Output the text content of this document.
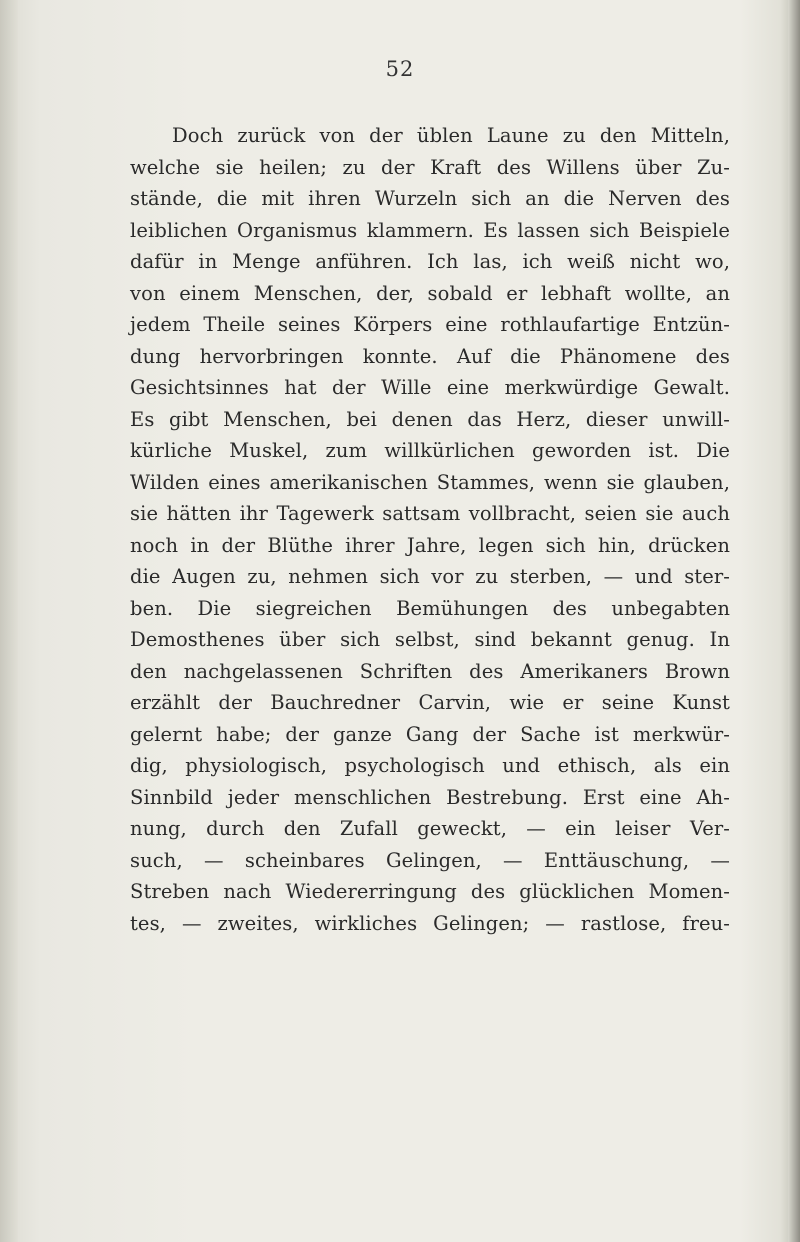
52
Doch zurück von der üblen Laune zu den Mitteln,
welche sie heilen; zu der Kraft des Willens über Zu-
stände, die mit ihren Wurzeln sich an die Nerven des
leiblichen Organismus klammern. Es lassen sich Beispiele
dafür in Menge anführen. Ich las, ich weiß nicht wo,
von einem Menschen, der, sobald er lebhaft wollte, an
jedem Theile seines Körpers eine rothlaufartige Entzün-
dung hervorbringen konnte. Auf die Phänomene des
Gesichtsinnes hat der Wille eine merkwürdige Gewalt.
Es gibt Menschen, bei denen das Herz, dieser unwill-
kürliche Muskel, zum willkürlichen geworden ist. Die
Wilden eines amerikanischen Stammes, wenn sie glauben,
sie hätten ihr Tagewerk sattsam vollbracht, seien sie auch
noch in der Blüthe ihrer Jahre, legen sich hin, drücken
die Augen zu, nehmen sich vor zu sterben, — und ster-
ben. Die siegreichen Bemühungen des unbegabten
Demosthenes über sich selbst, sind bekannt genug. In
den nachgelassenen Schriften des Amerikaners Brown
erzählt der Bauchredner Carvin, wie er seine Kunst
gelernt habe; der ganze Gang der Sache ist merkwür-
dig, physiologisch, psychologisch und ethisch, als ein
Sinnbild jeder menschlichen Bestrebung. Erst eine Ah-
nung, durch den Zufall geweckt, — ein leiser Ver-
such, — scheinbares Gelingen, — Enttäuschung, —
Streben nach Wiedererringung des glücklichen Momen-
tes, — zweites, wirkliches Gelingen; — rastlose, freu-
